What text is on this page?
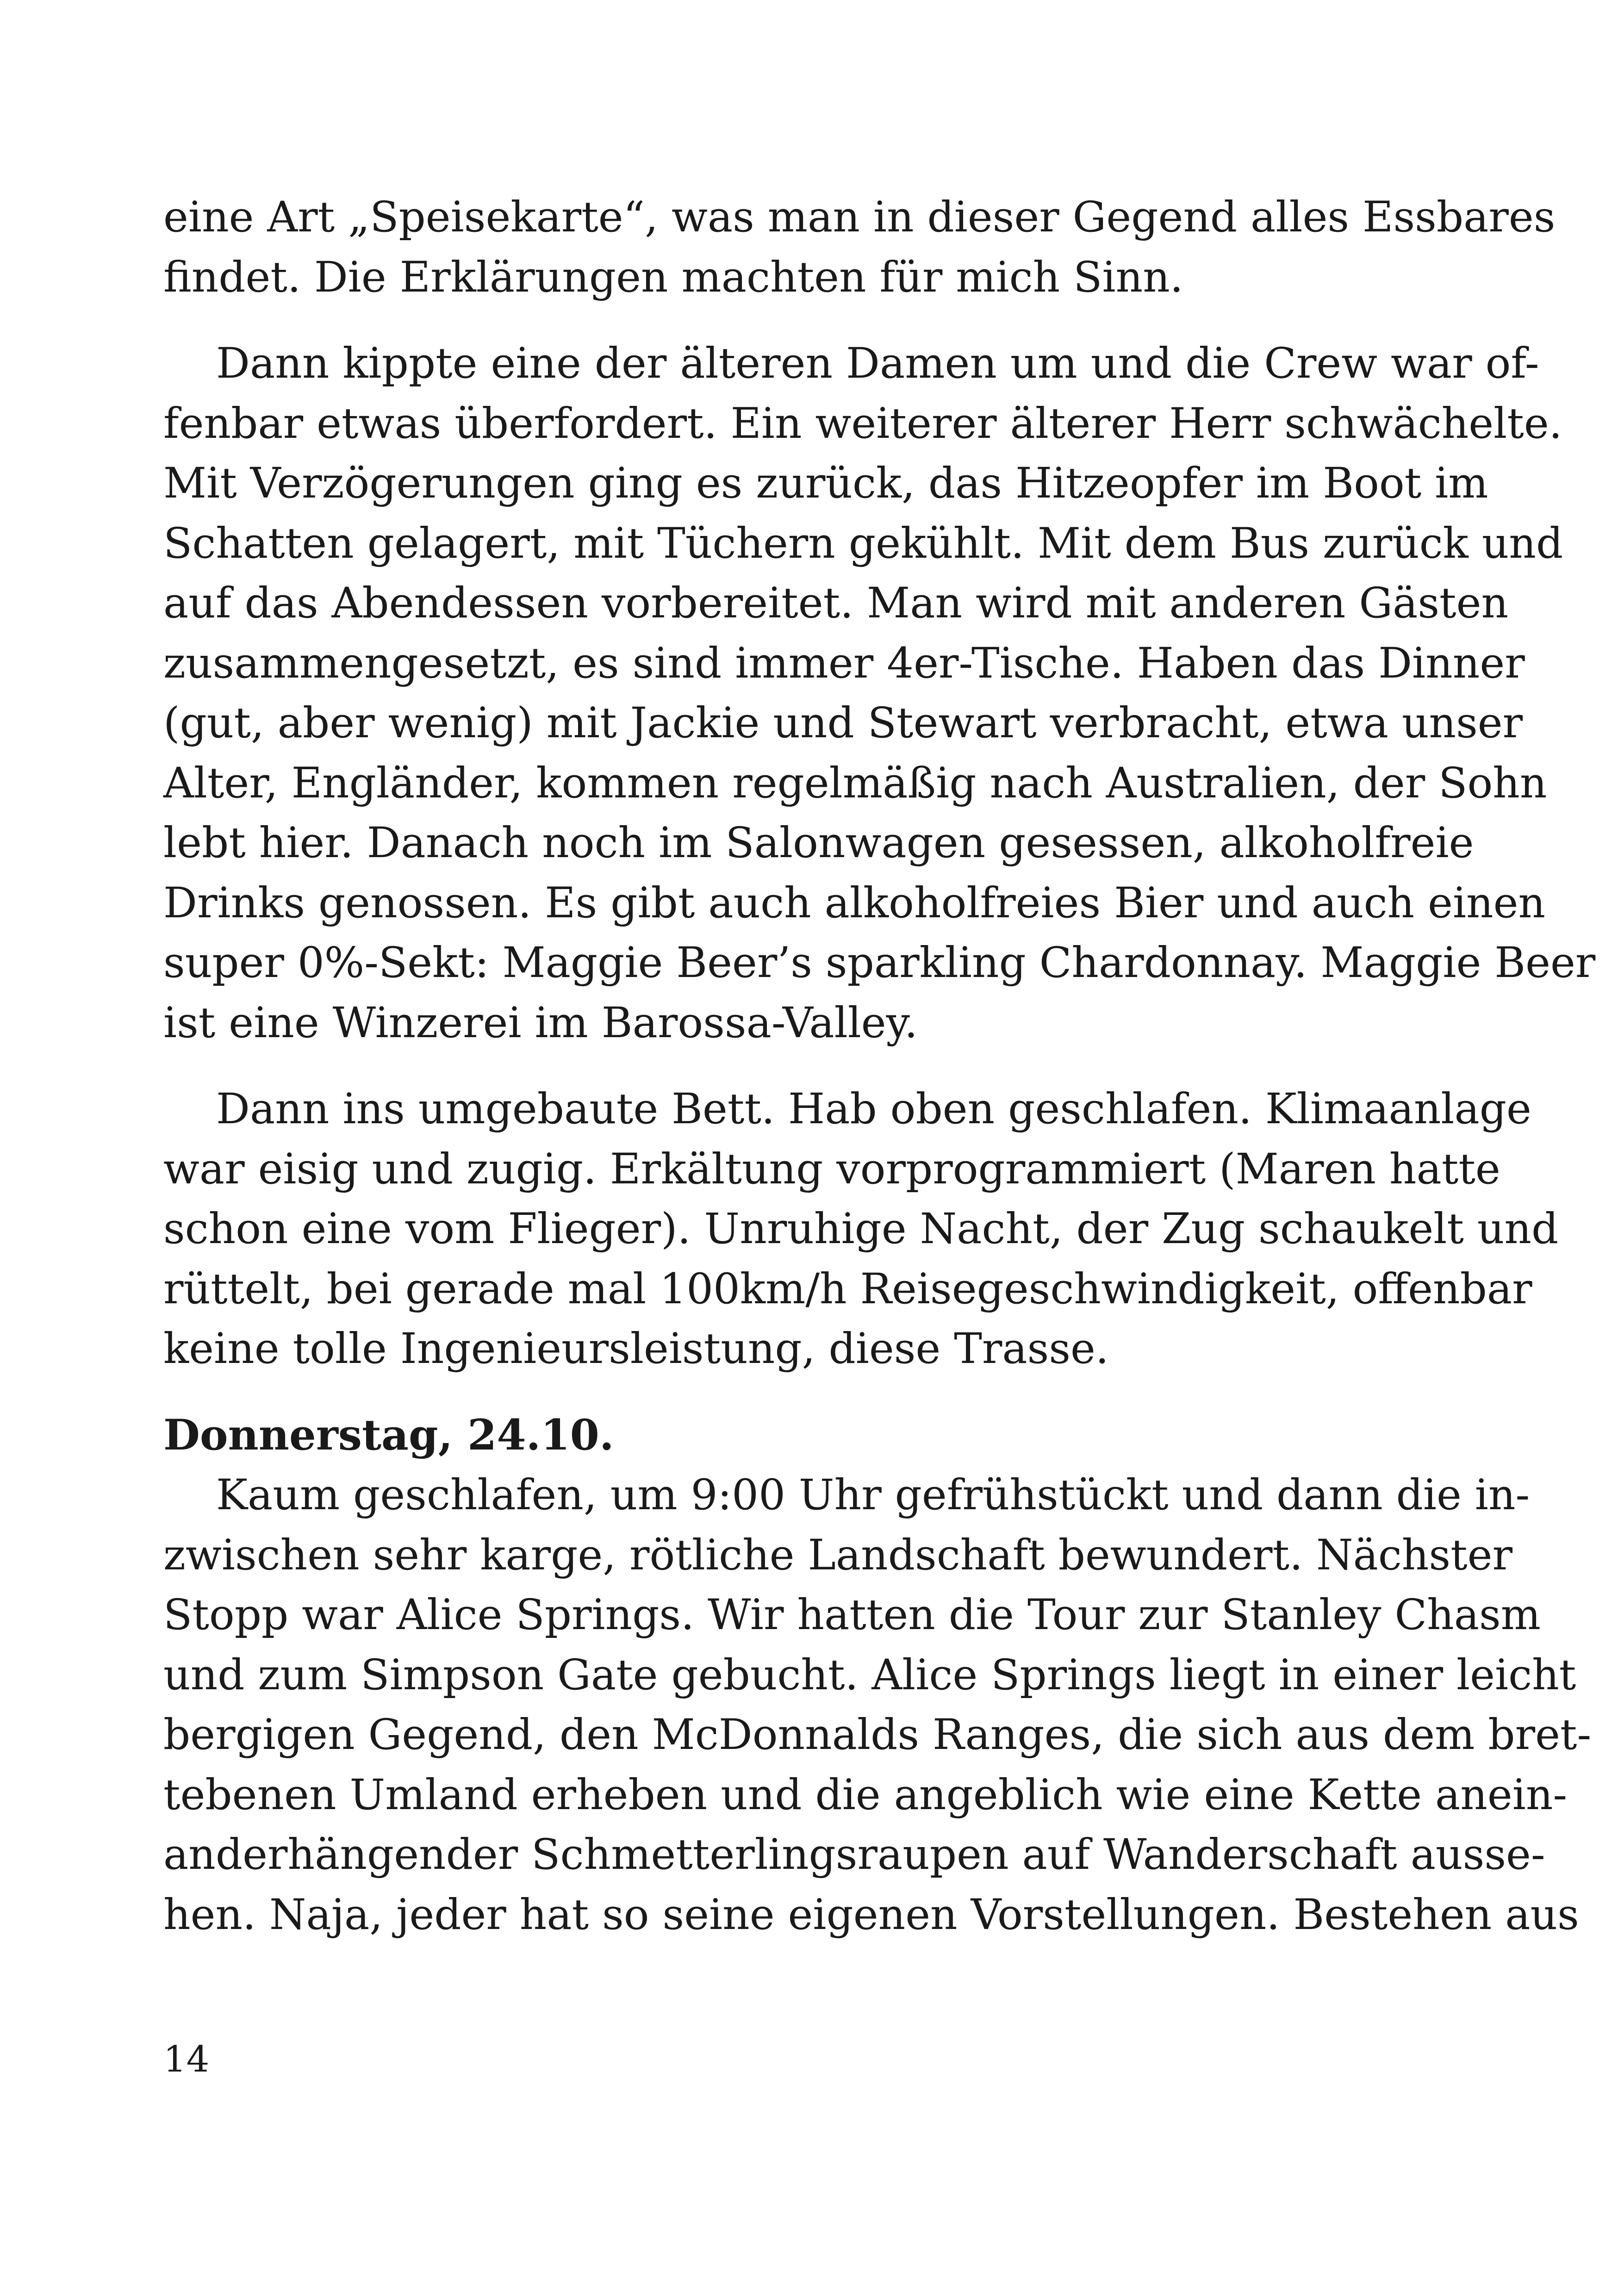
eine Art „Speisekarte“, was man in dieser Gegend alles Essbares
findet. Die Erklärungen machten für mich Sinn.
Dann kippte eine der älteren Damen um und die Crew war of-
fenbar etwas überfordert. Ein weiterer älterer Herr schwächelte.
Mit Verzögerungen ging es zurück, das Hitzeopfer im Boot im
Schatten gelagert, mit Tüchern gekühlt. Mit dem Bus zurück und
auf das Abendessen vorbereitet. Man wird mit anderen Gästen
zusammengesetzt, es sind immer 4er-Tische. Haben das Dinner
(gut, aber wenig) mit Jackie und Stewart verbracht, etwa unser
Alter, Engländer, kommen regelmäßig nach Australien, der Sohn
lebt hier. Danach noch im Salonwagen gesessen, alkoholfreie
Drinks genossen. Es gibt auch alkoholfreies Bier und auch einen
super 0%-Sekt: Maggie Beer’s sparkling Chardonnay. Maggie Beer
ist eine Winzerei im Barossa-Valley.
Dann ins umgebaute Bett. Hab oben geschlafen. Klimaanlage
war eisig und zugig. Erkältung vorprogrammiert (Maren hatte
schon eine vom Flieger). Unruhige Nacht, der Zug schaukelt und
rüttelt, bei gerade mal 100km/h Reisegeschwindigkeit, offenbar
keine tolle Ingenieursleistung, diese Trasse.
Donnerstag, 24.10.
Kaum geschlafen, um 9:00 Uhr gefrühstückt und dann die in-
zwischen sehr karge, rötliche Landschaft bewundert. Nächster
Stopp war Alice Springs. Wir hatten die Tour zur Stanley Chasm
und zum Simpson Gate gebucht. Alice Springs liegt in einer leicht
bergigen Gegend, den McDonnalds Ranges, die sich aus dem bret-
tebenen Umland erheben und die angeblich wie eine Kette anein-
anderhängender Schmetterlingsraupen auf Wanderschaft ausse-
hen. Naja, jeder hat so seine eigenen Vorstellungen. Bestehen aus
14
